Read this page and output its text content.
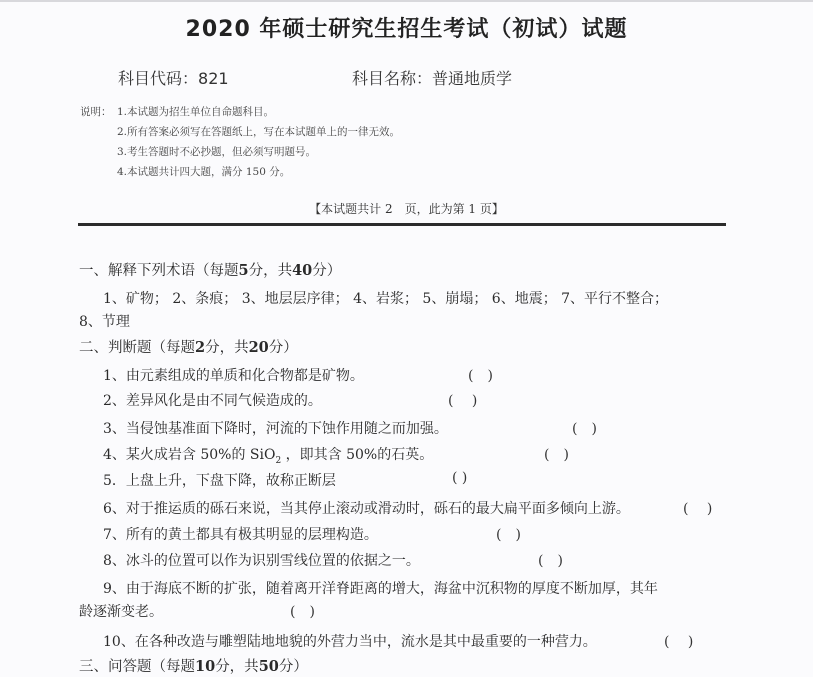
2020 年硕士研究生招生考试（初试）试题
科目代码：821	科目名称：普通地质学
说明： 1.本试题为招生单位自命题科目。
2.所有答案必须写在答题纸上，写在本试题单上的一律无效。
3.考生答题时不必抄题，但必须写明题号。
4.本试题共计四大题，满分 150 分。
【本试题共计 2　页，此为第 1 页】
一、解释下列术语（每题5分，共40分）
1、矿物； 2、条痕； 3、地层层序律； 4、岩浆； 5、崩塌； 6、地震； 7、平行不整合；
8、节理
二、判断题（每题2分，共20分）
1、由元素组成的单质和化合物都是矿物。	(　)
2、差异风化是由不同气候造成的。	(　 )
3、当侵蚀基准面下降时，河流的下蚀作用随之而加强。	(　)
4、某火成岩含 50%的 SiO$_2$ ，即其含 50%的石英。	(　)
5．上盘上升，下盘下降，故称正断层	( )
6、对于推运质的砾石来说，当其停止滚动或滑动时，砾石的最大扁平面多倾向上游。	(　 )
7、所有的黄土都具有极其明显的层理构造。	(　)
8、冰斗的位置可以作为识别雪线位置的依据之一。	(　)
9、由于海底不断的扩张，随着离开洋脊距离的增大，海盆中沉积物的厚度不断加厚，其年
龄逐渐变老。	(　)
10、在各种改造与雕塑陆地地貌的外营力当中，流水是其中最重要的一种营力。	(　 )
三、问答题（每题10分，共50分）
